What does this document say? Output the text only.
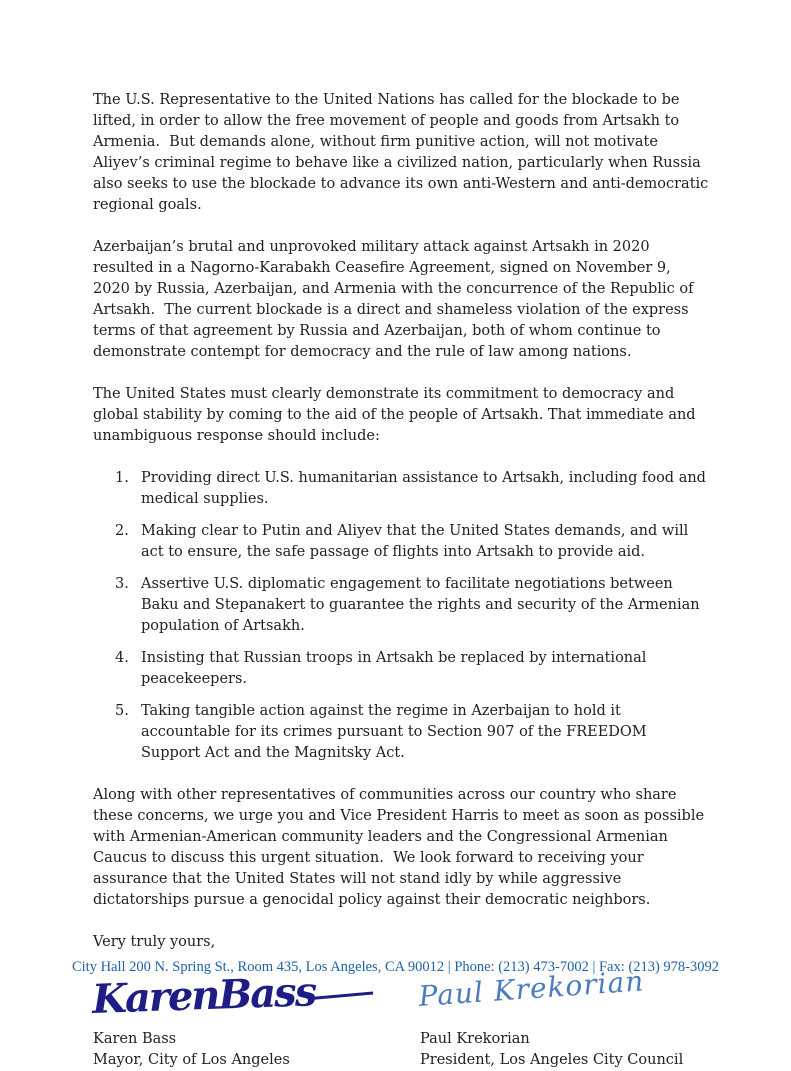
The U.S. Representative to the United Nations has called for the blockade to be lifted, in order to allow the free movement of people and goods from Artsakh to Armenia.  But demands alone, without firm punitive action, will not motivate Aliyev’s criminal regime to behave like a civilized nation, particularly when Russia also seeks to use the blockade to advance its own anti-Western and anti-democratic regional goals.

Azerbaijan’s brutal and unprovoked military attack against Artsakh in 2020 resulted in a Nagorno-Karabakh Ceasefire Agreement, signed on November 9, 2020 by Russia, Azerbaijan, and Armenia with the concurrence of the Republic of Artsakh.  The current blockade is a direct and shameless violation of the express terms of that agreement by Russia and Azerbaijan, both of whom continue to demonstrate contempt for democracy and the rule of law among nations.

The United States must clearly demonstrate its commitment to democracy and global stability by coming to the aid of the people of Artsakh. That immediate and unambiguous response should include:

1. Providing direct U.S. humanitarian assistance to Artsakh, including food and medical supplies.
2. Making clear to Putin and Aliyev that the United States demands, and will act to ensure, the safe passage of flights into Artsakh to provide aid.
3. Assertive U.S. diplomatic engagement to facilitate negotiations between Baku and Stepanakert to guarantee the rights and security of the Armenian population of Artsakh.
4. Insisting that Russian troops in Artsakh be replaced by international peacekeepers.
5. Taking tangible action against the regime in Azerbaijan to hold it accountable for its crimes pursuant to Section 907 of the FREEDOM Support Act and the Magnitsky Act.

Along with other representatives of communities across our country who share these concerns, we urge you and Vice President Harris to meet as soon as possible with Armenian-American community leaders and the Congressional Armenian Caucus to discuss this urgent situation.  We look forward to receiving your assurance that the United States will not stand idly by while aggressive dictatorships pursue a genocidal policy against their democratic neighbors.

Very truly yours,

KarenBass
Karen Bass
Mayor, City of Los Angeles
Paul Krekorian
Paul Krekorian
President, Los Angeles City Council
City Hall 200 N. Spring St., Room 435, Los Angeles, CA 90012 | Phone: (213) 473-7002 | Fax: (213) 978-3092
